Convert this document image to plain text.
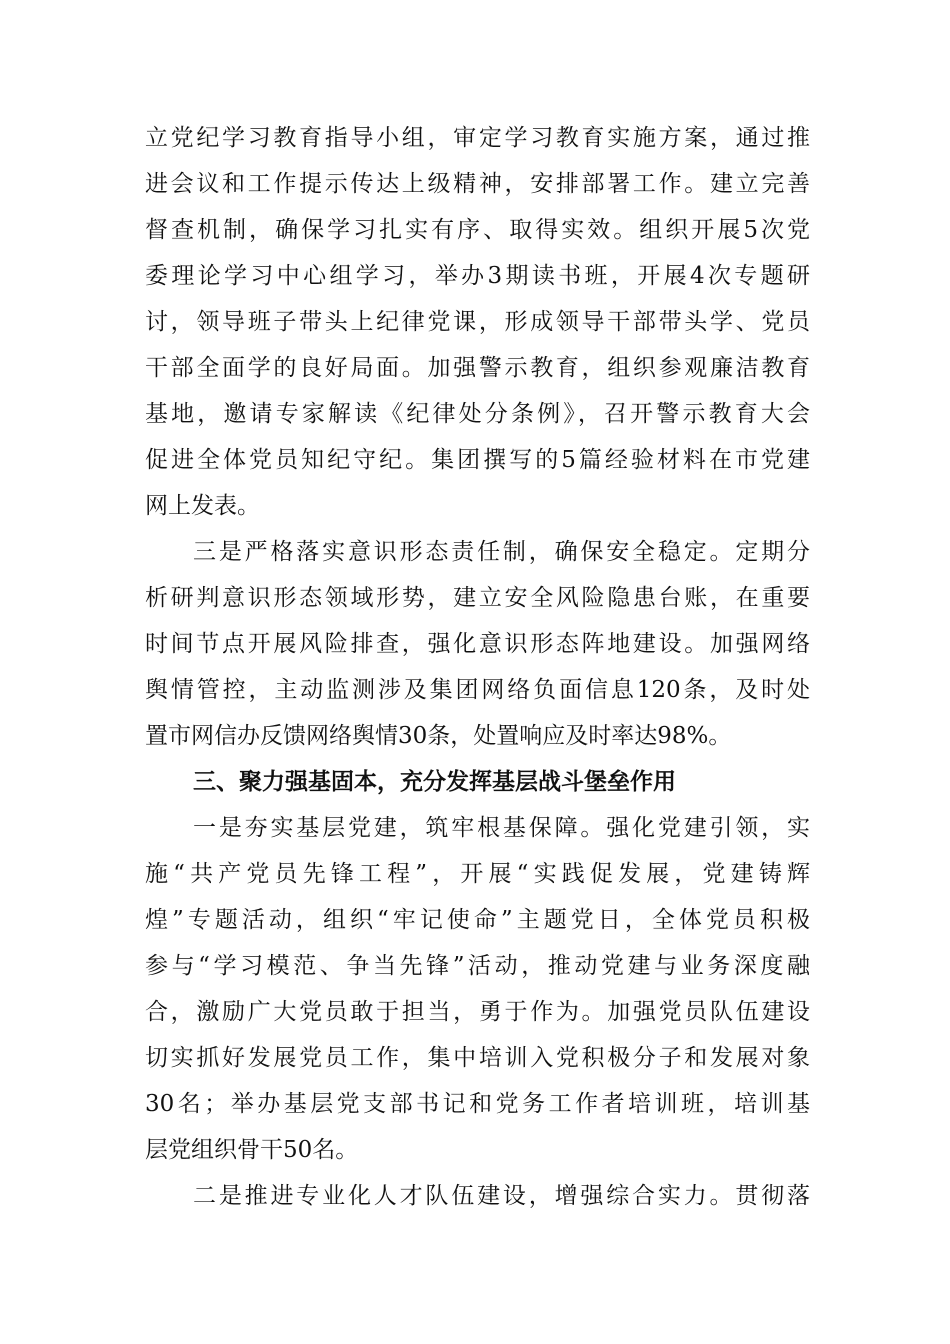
立党纪学习教育指导小组，审定学习教育实施方案，通过推
进会议和工作提示传达上级精神，安排部署工作。建立完善
督查机制，确保学习扎实有序、取得实效。组织开展5次党
委理论学习中心组学习，举办3期读书班，开展4次专题研
讨，领导班子带头上纪律党课，形成领导干部带头学、党员
干部全面学的良好局面。加强警示教育，组织参观廉洁教育
基地，邀请专家解读《纪律处分条例》，召开警示教育大会
促进全体党员知纪守纪。集团撰写的5篇经验材料在市党建
网上发表。
三是严格落实意识形态责任制，确保安全稳定。定期分
析研判意识形态领域形势，建立安全风险隐患台账，在重要
时间节点开展风险排查，强化意识形态阵地建设。加强网络
舆情管控，主动监测涉及集团网络负面信息120条，及时处
置市网信办反馈网络舆情30条，处置响应及时率达98%。
三、聚力强基固本，充分发挥基层战斗堡垒作用
一是夯实基层党建，筑牢根基保障。强化党建引领，实
施“共产党员先锋工程”，开展“实践促发展，党建铸辉
煌”专题活动，组织“牢记使命”主题党日，全体党员积极
参与“学习模范、争当先锋”活动，推动党建与业务深度融
合，激励广大党员敢于担当，勇于作为。加强党员队伍建设
切实抓好发展党员工作，集中培训入党积极分子和发展对象
30名；举办基层党支部书记和党务工作者培训班，培训基
层党组织骨干50名。
二是推进专业化人才队伍建设，增强综合实力。贯彻落
